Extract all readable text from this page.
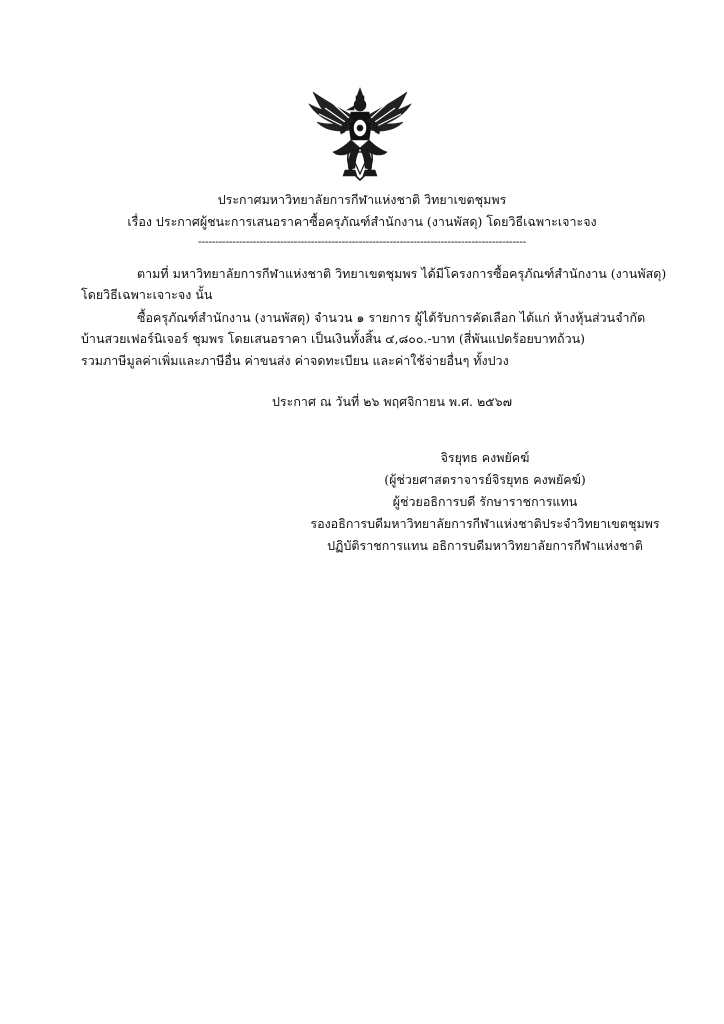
ประกาศมหาวิทยาลัยการกีฬาแห่งชาติ วิทยาเขตชุมพร
เรื่อง ประกาศผู้ชนะการเสนอราคาซื้อครุภัณฑ์สำนักงาน (งานพัสดุ) โดยวิธีเฉพาะเจาะจง
------------------------------------------------------------------------------------------------
ตามที่ มหาวิทยาลัยการกีฬาแห่งชาติ วิทยาเขตชุมพร ได้มีโครงการซื้อครุภัณฑ์สำนักงาน (งานพัสดุ)
โดยวิธีเฉพาะเจาะจง นั้น
ซื้อครุภัณฑ์สำนักงาน (งานพัสดุ) จำนวน ๑ รายการ ผู้ได้รับการคัดเลือก ได้แก่ ห้างหุ้นส่วนจำกัด
บ้านสวยเฟอร์นิเจอร์ ชุมพร โดยเสนอราคา เป็นเงินทั้งสิ้น ๔,๘๐๐.-บาท (สี่พันแปดร้อยบาทถ้วน)
รวมภาษีมูลค่าเพิ่มและภาษีอื่น ค่าขนส่ง ค่าจดทะเบียน และค่าใช้จ่ายอื่นๆ ทั้งปวง
ประกาศ ณ วันที่ ๒๖ พฤศจิกายน พ.ศ. ๒๕๖๗
จิรยุทธ คงพยัคฆ์
(ผู้ช่วยศาสตราจารย์จิรยุทธ คงพยัคฆ์)
ผู้ช่วยอธิการบดี รักษาราชการแทน
รองอธิการบดีมหาวิทยาลัยการกีฬาแห่งชาติประจำวิทยาเขตชุมพร
ปฏิบัติราชการแทน อธิการบดีมหาวิทยาลัยการกีฬาแห่งชาติ
